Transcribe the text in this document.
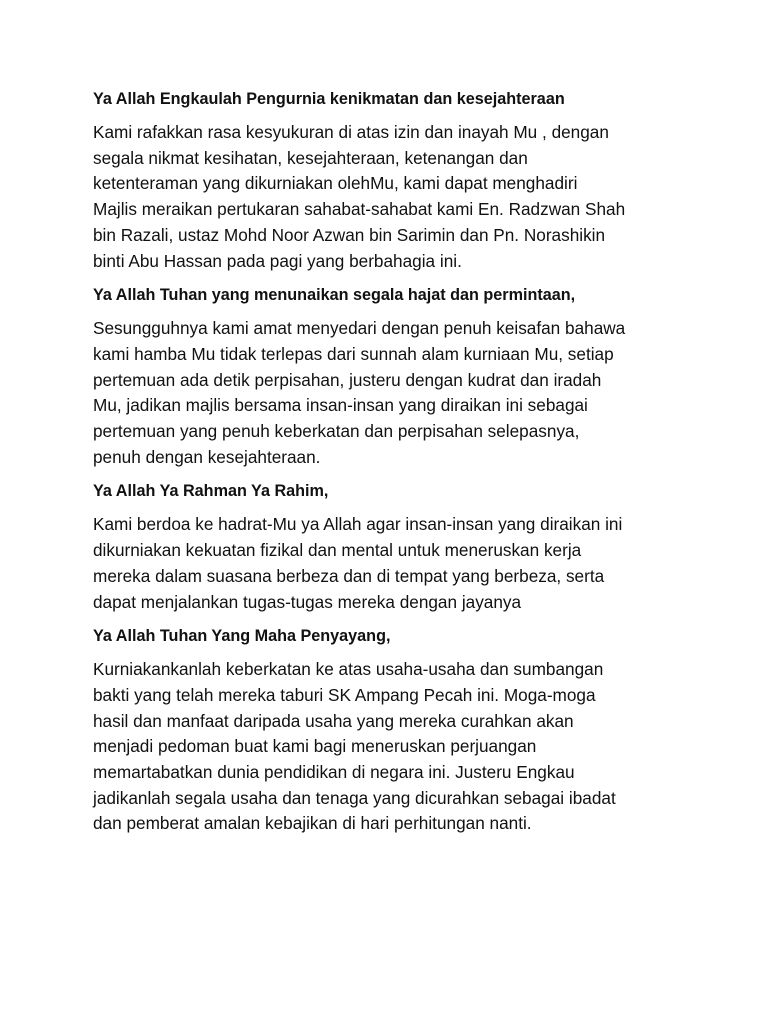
Ya Allah Engkaulah Pengurnia kenikmatan dan kesejahteraan
Kami rafakkan rasa kesyukuran di atas izin dan inayah Mu , dengan
segala nikmat kesihatan, kesejahteraan, ketenangan dan
ketenteraman yang dikurniakan olehMu, kami dapat menghadiri
Majlis meraikan pertukaran sahabat-sahabat kami En. Radzwan Shah
bin Razali, ustaz Mohd Noor Azwan bin Sarimin dan Pn. Norashikin
binti Abu Hassan pada pagi yang berbahagia ini.
Ya Allah Tuhan yang menunaikan segala hajat dan permintaan,
Sesungguhnya kami amat menyedari dengan penuh keisafan bahawa
kami hamba Mu tidak terlepas dari sunnah alam kurniaan Mu, setiap
pertemuan ada detik perpisahan, justeru dengan kudrat dan iradah
Mu, jadikan majlis bersama insan-insan yang diraikan ini sebagai
pertemuan yang penuh keberkatan dan perpisahan selepasnya,
penuh dengan kesejahteraan.
Ya Allah Ya Rahman Ya Rahim,
Kami berdoa ke hadrat-Mu ya Allah agar insan-insan yang diraikan ini
dikurniakan kekuatan fizikal dan mental untuk meneruskan kerja
mereka dalam suasana berbeza dan di tempat yang berbeza, serta
dapat menjalankan tugas-tugas mereka dengan jayanya
Ya Allah Tuhan Yang Maha Penyayang,
Kurniakankanlah keberkatan ke atas usaha-usaha dan sumbangan
bakti yang telah mereka taburi SK Ampang Pecah ini. Moga-moga
hasil dan manfaat daripada usaha yang mereka curahkan akan
menjadi pedoman buat kami bagi meneruskan perjuangan
memartabatkan dunia pendidikan di negara ini. Justeru Engkau
jadikanlah segala usaha dan tenaga yang dicurahkan sebagai ibadat
dan pemberat amalan kebajikan di hari perhitungan nanti.
